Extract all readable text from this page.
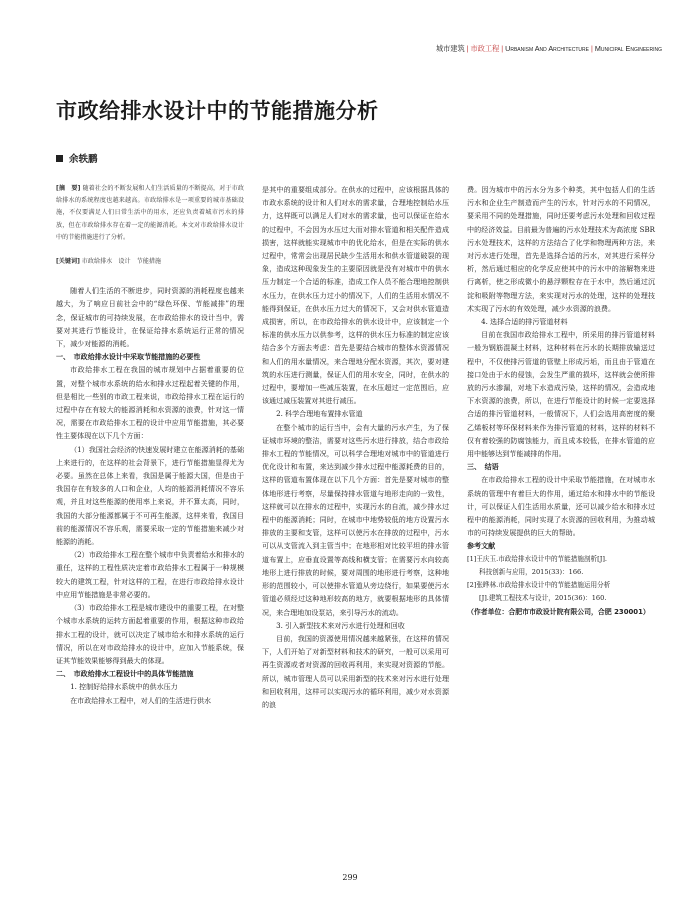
城市建筑 | 市政工程 | Urbanism And Architecture | Municipal Engineering
市政给排水设计中的节能措施分析
余轶鹏

[摘　要] 随着社会的不断发展和人们生活质量的不断提高，对于市政给排水的系统程度也越来越高。市政给排水是一项重要的城市基础设施，不仅要满足人们日常生活中的用水，还应负责着城市污水的排放，但在市政给排水存在着一定的能源消耗。本文对市政给排水设计中的节能措施进行了分析。

[关键词] 市政给排水　设计　节能措施

随着人们生活的不断进步，同时资源的消耗程度也越来越大，为了响应日前社会中的“绿色环保、节能减排”的理念，保证城市的可持续发展，在市政给排水的设计当中，需要对其进行节能设计，在保证给排水系统运行正常的情况下，减少对能源的消耗。

一、　市政给排水设计中采取节能措施的必要性

市政给排水工程在我国的城市规划中占据着重要的位置，对整个城市水系统的给水和排水过程起着关键的作用，但是相比一些别的市政工程来说，市政给排水工程在运行的过程中存在有较大的能源消耗和水资源的浪费，针对这一情况，需要在市政给排水工程的设计中应用节能措施，其必要性主要体现在以下几个方面：

（1）我国社会经济的快速发展时建立在能源消耗的基础上来进行的，在这样的社会背景下，进行节能措施显得尤为必要。虽然在总体上来看，我国是属于能源大国，但是由于我国存在有较多的人口和企业，人均的能源消耗情况不容乐观，并且对这些能源的使用率上来说，并不算太高，同时，我国的大部分能源都属于不可再生能源，这样来看，我国目前的能源情况不容乐观，需要采取一定的节能措施来减少对能源的消耗。

（2）市政给排水工程在整个城市中负责着给水和排水的重任，这样的工程性质决定着市政给排水工程属于一种规模较大的建筑工程，针对这样的工程，在进行市政给排水设计中应用节能措施是非常必要的。

（3）市政给排水工程是城市建设中的重要工程，在对整个城市水系统的运转方面起着重要的作用，根据这种市政给排水工程的设计，就可以决定了城市给水和排水系统的运行情况，所以在对市政给排水的设计中，应加入节能系统，保证其节能效果能够得到最大的体现。

二、　市政给排水工程设计中的具体节能措施

1. 控制好给排水系统中的供水压力

在市政给排水工程中，对人们的生活进行供水

是其中的重要组成部分。在供水的过程中，应该根据具体的市政水系统的设计和人们对水的需求量，合理地控制给水压力，这样既可以满足人们对水的需求量，也可以保证在给水的过程中，不会因为水压过大而对排水管道和相关配件造成损害，这样就能实现城市中的优化给水，但是在实际的供水过程中，常常会出现居民缺少生活用水和供水管道破裂的现象，造成这种现象发生的主要原因就是没有对城市中的供水压力制定一个合适的标准，造成工作人员不能合理地控制供水压力，在供水压力过小的情况下，人们的生活用水情况不能得到保证，在供水压力过大的情况下，又会对供水管道造成损害，所以，在市政给排水的供水设计中，应该制定一个标准的供水压力以供参考，这样的供水压力标准的制定应该结合多个方面去考虑：首先是要结合城市的整体水资源情况和人们的用水量情况，来合理地分配水资源，其次，要对建筑的水压进行测量，保证人们的用水安全，同时，在供水的过程中，要增加一些减压装置，在水压超过一定范围后，应该通过减压装置对其进行减压。

2. 科学合理地布置排水管道

在整个城市的运行当中，会有大量的污水产生，为了保证城市环境的整洁，需要对这些污水进行排放，结合市政给排水工程的节能情况，可以科学合理地对城市中的管道进行优化设计和布置，来达到减少排水过程中能源耗费的目的，这样的管道布置体现在以下几个方面：首先是要对城市的整体地形进行考察，尽量保持排水管道与地形走向的一致性，这样就可以在排水的过程中，实现污水的自流，减少排水过程中的能源消耗；同时，在城市中地势较低的地方设置污水排放的主要和支管，这样可以使污水在排放的过程中，污水可以从支管流入到主管当中；在地形相对比较平坦的排水管道布置上，应垂直设置等高线和横支管；在需要污水向较高地形上进行排放的时候，要对周围的地形进行考察，这种地形的范围较小，可以使排水管道从旁边绕行，如果要使污水管道必须经过这种地形较高的地方，就要根据地形的具体情况，来合理地加设泵站，来引导污水的流动。

3. 引入新型技术来对污水进行处理和回收

目前，我国的资源使用情况越来越紧张，在这样的情况下，人们开始了对新型材料和技术的研究，一般可以采用可再生资源或者对资源的回收再利用，来实现对资源的节能。所以，城市管理人员可以采用新型的技术来对污水进行处理和回收利用，这样可以实现污水的循环利用，减少对水资源的浪

费。因为城市中的污水分为多个种类，其中包括人们的生活污水和企业生产制造而产生的污水，针对污水的不同情况，要采用不同的处理措施，同时还要考虑污水处理和回收过程中的经济效益。目前最为普遍的污水处理技术为高浓度 SBR 污水处理技术，这样的方法结合了化学和物理两种方法，来对污水进行处理，首先是选择合适的污水，对其进行采样分析，然后通过相应的化学反应使其中的污水中的溶解物来进行离析，使之形成微小的悬浮颗粒存在于水中，然后通过沉淀和吸附等物理方法，来实现对污水的处理，这样的处理技术实现了污水的有效处理，减少水资源的浪费。

4. 选择合适的排污管道材料

目前在我国市政给排水工程中，所采用的排污管道材料一般为钢筋混凝土材料，这种材料在污水的长期排放输送过程中，不仅使排污管道的管壁上形成污垢，而且由于管道在接口处由于水的侵蚀，会发生严重的损坏，这样就会使所排放的污水渗漏，对地下水造成污染，这样的情况，会造成地下水资源的浪费，所以，在进行节能设计的时候一定要选择合适的排污管道材料，一般情况下，人们会选用高密度的聚乙烯板材等环保材料来作为排污管道的材料，这样的材料不仅有着较强的防腐蚀能力，而且成本较低，在排水管道的应用中能够达到节能减排的作用。

三、　结语

在市政给排水工程的设计中采取节能措施，在对城市水系统的管理中有着巨大的作用，通过给水和排水中的节能设计，可以保证人们生活用水质量，还可以减少给水和排水过程中的能源消耗，同时实现了水资源的回收利用，为推动城市的可持续发展提供的巨大的帮助。

参考文献

[1]王庆玉.市政给排水设计中的节能措施剖析[J].

科技创新与应用，2015(33)：166.

[2]张晔林.市政给排水设计中的节能措施运用分析

[J].建筑工程技术与设计，2015(36)：160.

（作者单位：合肥市市政设计院有限公司，合肥 230001）

299
